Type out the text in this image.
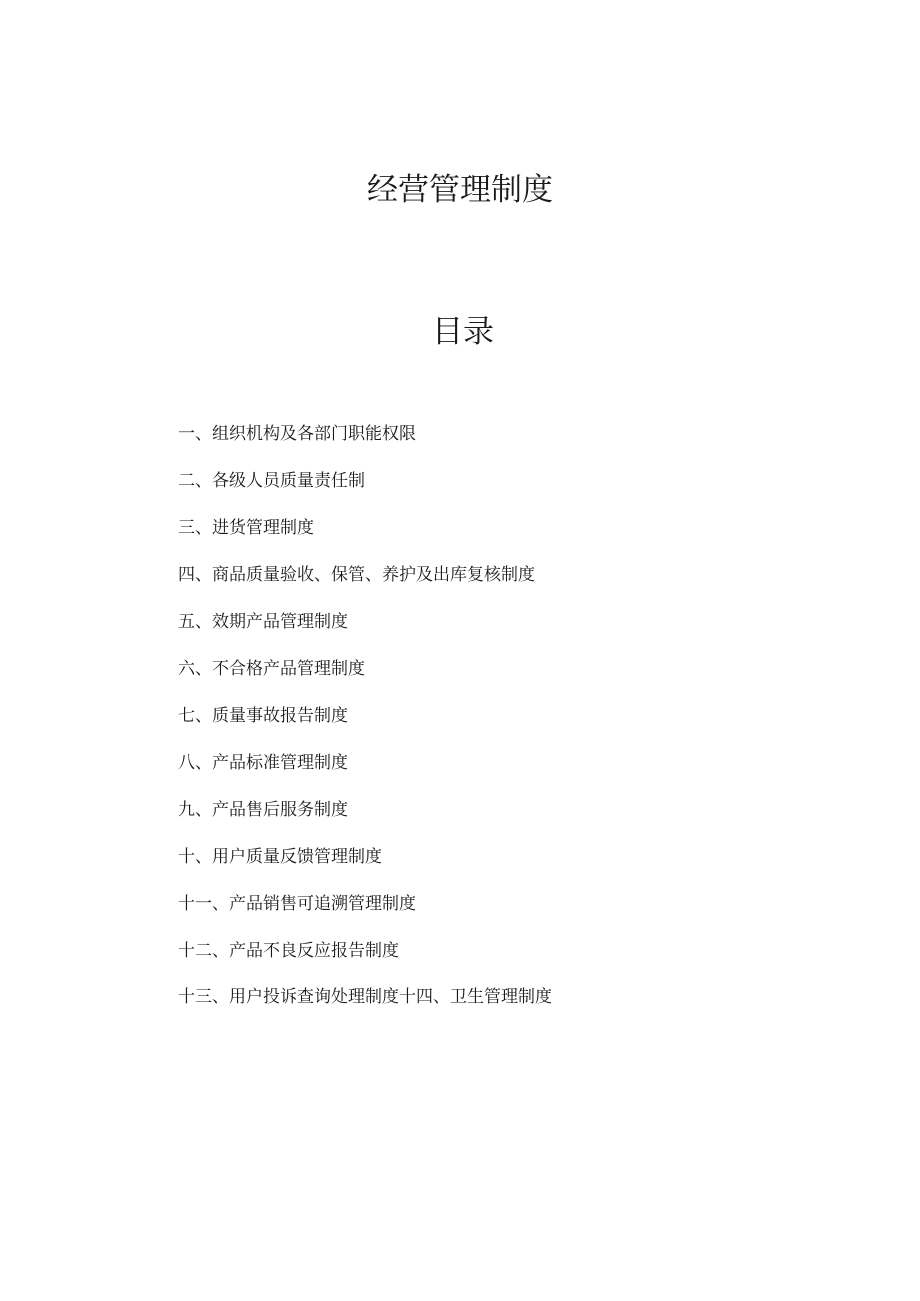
经营管理制度
目录
一、组织机构及各部门职能权限
二、各级人员质量责任制
三、进货管理制度
四、商品质量验收、保管、养护及出库复核制度
五、效期产品管理制度
六、不合格产品管理制度
七、质量事故报告制度
八、产品标准管理制度
九、产品售后服务制度
十、用户质量反馈管理制度
十一、产品销售可追溯管理制度
十二、产品不良反应报告制度
十三、用户投诉查询处理制度十四、卫生管理制度
